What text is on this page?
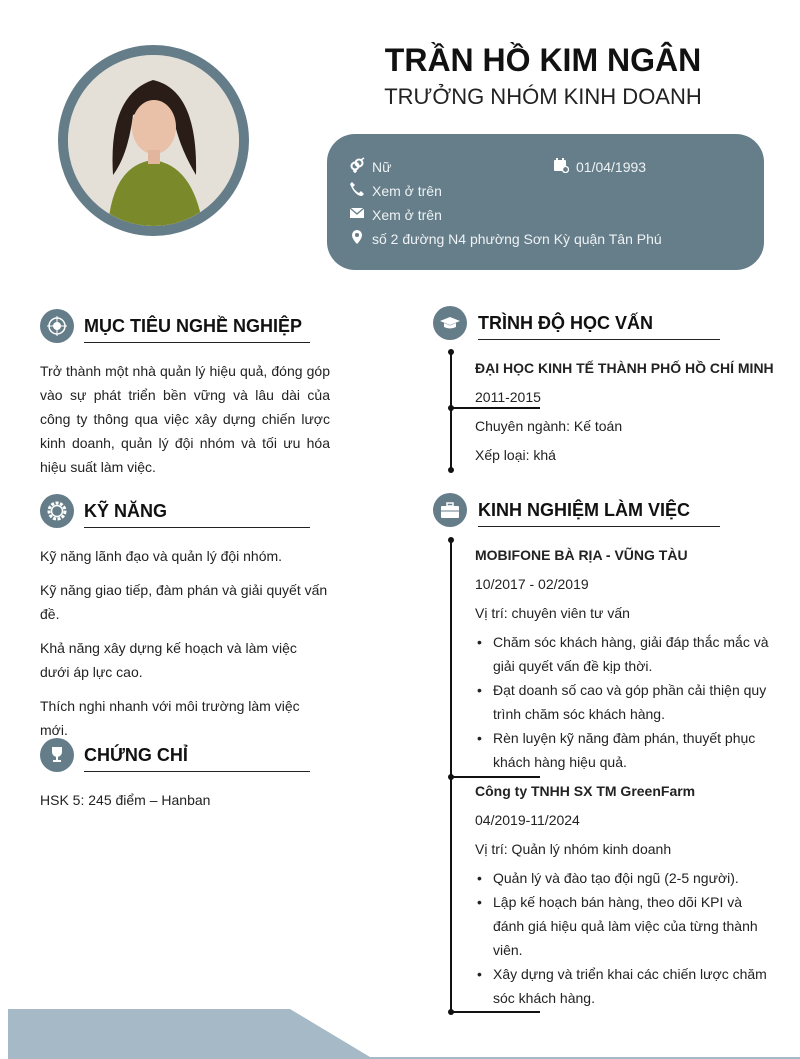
TRẦN HỒ KIM NGÂN
TRƯỞNG NHÓM KINH DOANH
Nữ	01/04/1993
Xem ở trên
Xem ở trên
số 2 đường N4 phường Sơn Kỳ quận Tân Phú
MỤC TIÊU NGHỀ NGHIỆP
Trở thành một nhà quản lý hiệu quả, đóng góp vào sự phát triển bền vững và lâu dài của công ty thông qua việc xây dựng chiến lược kinh doanh, quản lý đội nhóm và tối ưu hóa hiệu suất làm việc.
KỸ NĂNG
Kỹ năng lãnh đạo và quản lý đội nhóm.
Kỹ năng giao tiếp, đàm phán và giải quyết vấn đề.
Khả năng xây dựng kế hoạch và làm việc dưới áp lực cao.
Thích nghi nhanh với môi trường làm việc mới.
CHỨNG CHỈ
HSK 5: 245 điểm – Hanban
TRÌNH ĐỘ HỌC VẤN
ĐẠI HỌC KINH TẾ THÀNH PHỐ HỒ CHÍ MINH
2011-2015
Chuyên ngành: Kế toán
Xếp loại: khá
KINH NGHIỆM LÀM VIỆC
MOBIFONE BÀ RỊA - VŨNG TÀU
10/2017 - 02/2019
Vị trí: chuyên viên tư vấn
• Chăm sóc khách hàng, giải đáp thắc mắc và giải quyết vấn đề kịp thời.
• Đạt doanh số cao và góp phần cải thiện quy trình chăm sóc khách hàng.
• Rèn luyện kỹ năng đàm phán, thuyết phục khách hàng hiệu quả.
Công ty TNHH SX TM GreenFarm
04/2019-11/2024
Vị trí: Quản lý nhóm kinh doanh
• Quản lý và đào tạo đội ngũ (2-5 người).
• Lập kế hoạch bán hàng, theo dõi KPI và đánh giá hiệu quả làm việc của từng thành viên.
• Xây dựng và triển khai các chiến lược chăm sóc khách hàng.
